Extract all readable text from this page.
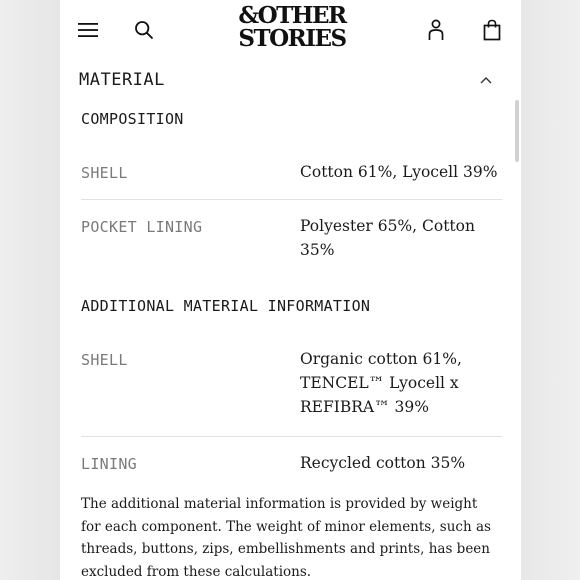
&OTHER
STORIES
MATERIAL
COMPOSITION
SHELL	Cotton 61%, Lyocell 39%
POCKET LINING	Polyester 65%, Cotton 35%
ADDITIONAL MATERIAL INFORMATION
SHELL	Organic cotton 61%, TENCEL™ Lyocell x REFIBRA™ 39%
LINING	Recycled cotton 35%
The additional material information is provided by weight for each component. The weight of minor elements, such as threads, buttons, zips, embellishments and prints, has been excluded from these calculations.
